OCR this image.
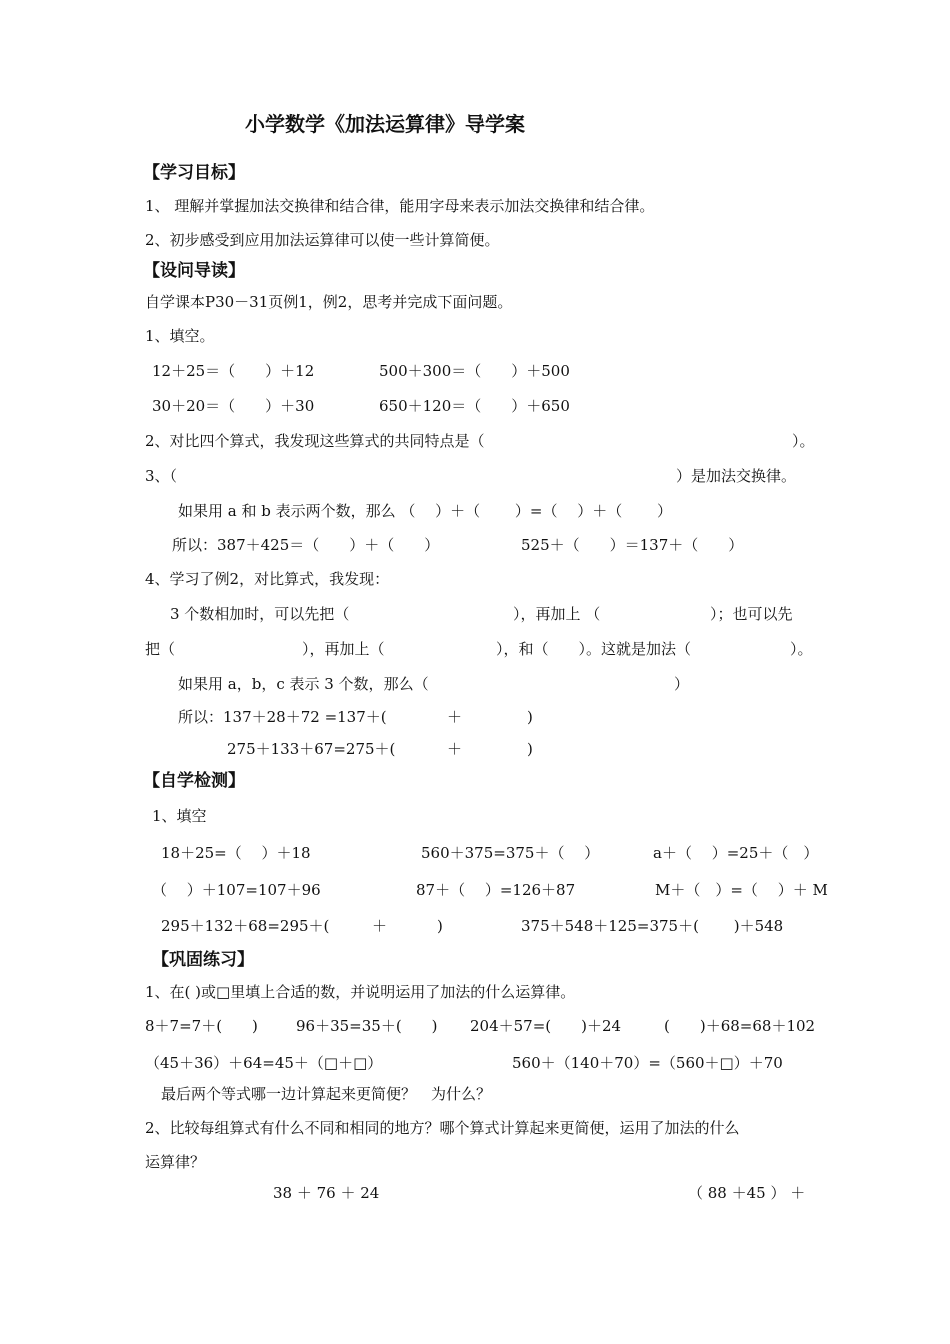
小学数学《加法运算律》导学案
【学习目标】
1、 理解并掌握加法交换律和结合律，能用字母来表示加法交换律和结合律。
2、初步感受到应用加法运算律可以使一些计算简便。
【设问导读】
自学课本P30－31页例1，例2，思考并完成下面问题。
1、填空。
12＋25＝（　　）＋12	500＋300＝（　　）＋500
30＋20＝（　　）＋30	650＋120＝（　　）＋650
2、对比四个算式，我发现这些算式的共同特点是（	）。
3、（	）是加法交换律。
如果用 a 和 b 表示两个数，那么 （　 ）＋（　　 ）=（　 ）＋（　　 ）
所以：387＋425＝（　　）＋（　　）	525＋（　　）＝137＋（　　）
4、学习了例2，对比算式，我发现：
3 个数相加时，可以先把（	），再加上 （	）；也可以先
把（	），再加上（	），和（　　）。这就是加法（	）。
如果用 a，b，c 表示 3 个数，那么（	）
所以：137＋28＋72 =137＋(	＋	)
275＋133＋67=275＋(	＋	)
【自学检测】
1、填空
18＋25=（　 ）＋18	560＋375=375＋（　 ）	a＋（　 ）=25＋（　）
（　 ）＋107=107＋96	87＋（　 ）=126＋87	M＋（　）=（　 ）＋ M
295＋132＋68=295＋(	＋	)	375＋548＋125=375＋(　　 )＋548
【巩固练习】
1、在( )或□里填上合适的数，并说明运用了加法的什么运算律。
8＋7=7＋(　　)	96＋35=35＋(　　) 204＋57=(　　)＋24	(　　)＋68=68＋102
（45＋36）＋64=45＋（□＋□）	560＋（140＋70）=（560＋□）＋70
最后两个等式哪一边计算起来更简便？　为什么？
2、比较每组算式有什么不同和相同的地方？哪个算式计算起来更简便，运用了加法的什么
运算律？
38 ＋ 76 ＋ 24	（ 88 ＋45 ） ＋
